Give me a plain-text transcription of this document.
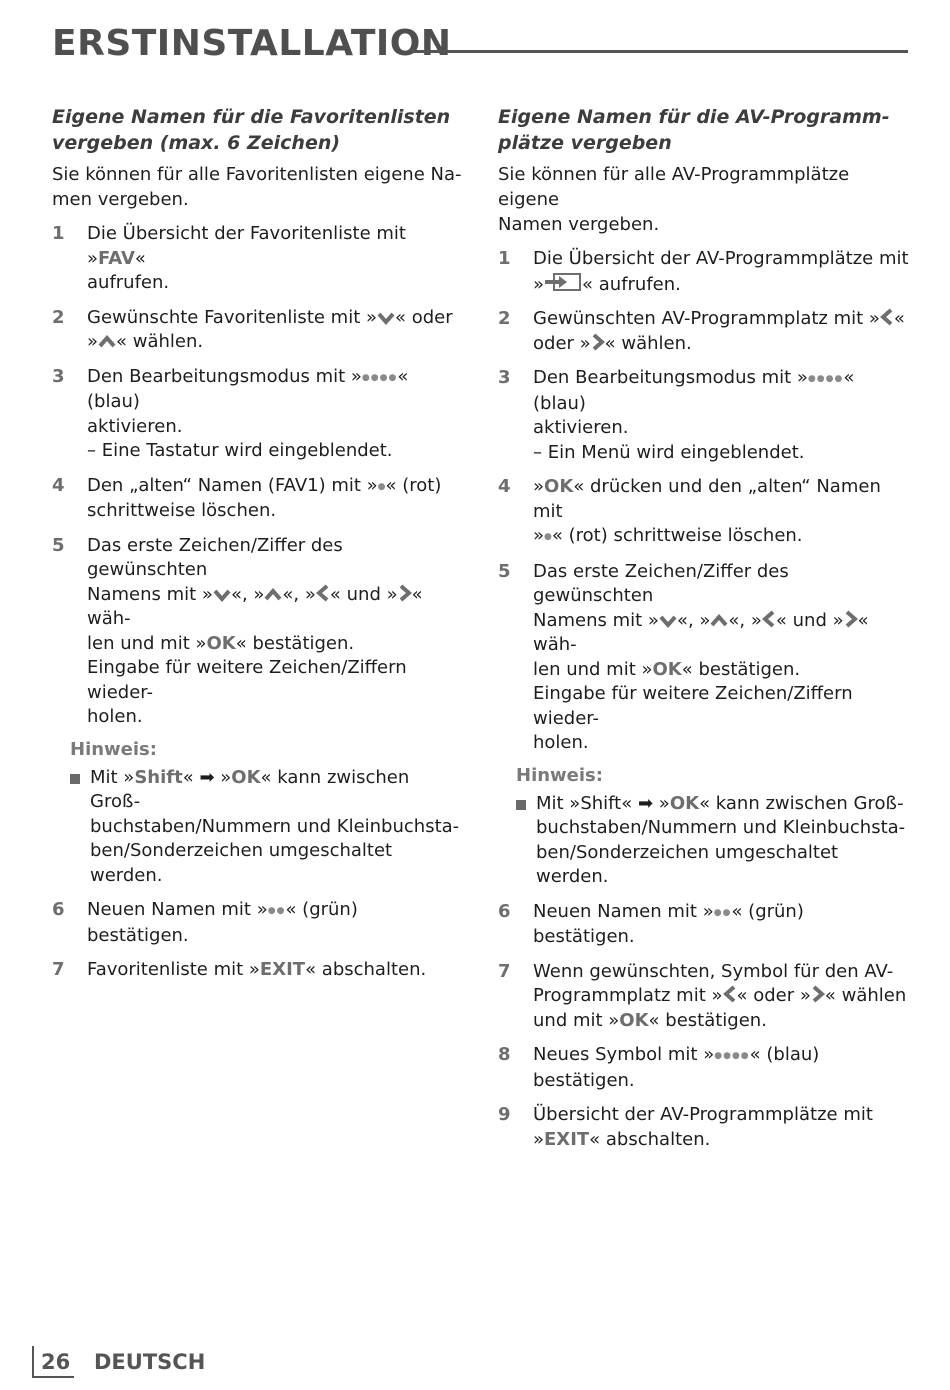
ERSTINSTALLATION
Eigene Namen für die Favoritenlisten
vergeben (max. 6 Zeichen)

Sie können für alle Favoritenlisten eigene Na-
men vergeben.

1 Die Übersicht der Favoritenliste mit »FAV«
aufrufen.
2 Gewünschte Favoritenliste mit » « oder
» « wählen.
3 Den Bearbeitungsmodus mit »●●●●« (blau)
aktivieren.
– Eine Tastatur wird eingeblendet.
4 Den „alten“ Namen (FAV1) mit »●« (rot)
schrittweise löschen.
5 Das erste Zeichen/Ziffer des gewünschten
Namens mit » «, » «, » « und » « wäh-
len und mit »OK« bestätigen.
Eingabe für weitere Zeichen/Ziffern wieder-
holen.
Hinweis:
Mit »Shift« ➡ »OK« kann zwischen Groß-
buchstaben/Nummern und Kleinbuchsta-
ben/Sonderzeichen umgeschaltet werden.
6 Neuen Namen mit »●●« (grün) bestätigen.
7 Favoritenliste mit »EXIT« abschalten.
Eigene Namen für die AV-Programm-
plätze vergeben

Sie können für alle AV-Programmplätze eigene
Namen vergeben.

1 Die Übersicht der AV-Programmplätze mit
» « aufrufen.
2 Gewünschten AV-Programmplatz mit » «
oder » « wählen.
3 Den Bearbeitungsmodus mit »●●●●« (blau)
aktivieren.
– Ein Menü wird eingeblendet.
4 »OK« drücken und den „alten“ Namen mit
»●« (rot) schrittweise löschen.
5 Das erste Zeichen/Ziffer des gewünschten
Namens mit » «, » «, » « und » « wäh-
len und mit »OK« bestätigen.
Eingabe für weitere Zeichen/Ziffern wieder-
holen.
Hinweis:
Mit »Shift« ➡ »OK« kann zwischen Groß-
buchstaben/Nummern und Kleinbuchsta-
ben/Sonderzeichen umgeschaltet werden.
6 Neuen Namen mit »●●« (grün) bestätigen.
7 Wenn gewünschten, Symbol für den AV-
Programmplatz mit » « oder » « wählen
und mit »OK« bestätigen.
8 Neues Symbol mit »●●●●« (blau) bestätigen.
9 Übersicht der AV-Programmplätze mit
»EXIT« abschalten.
26 DEUTSCH
